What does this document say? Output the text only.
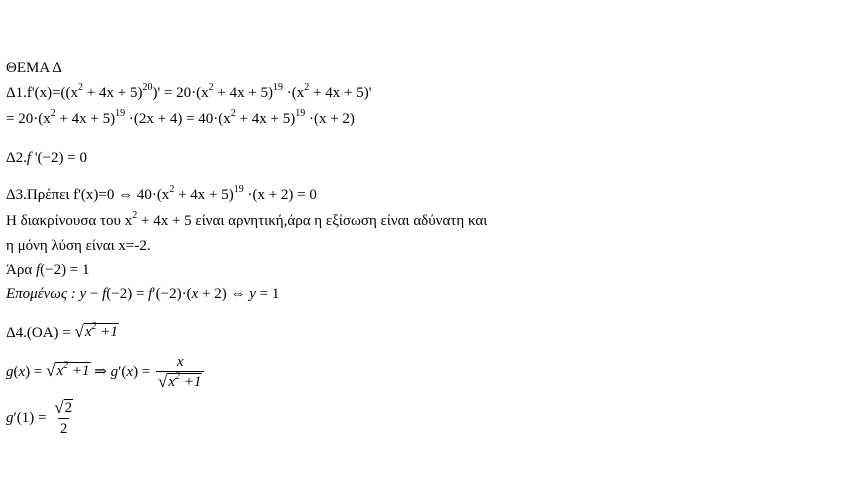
ΘΕΜΑ Δ
$\Delta 1.f'(x)=((x^2 + 4x + 5)^{20})' = 20\cdot(x^2 + 4x + 5)^{19} \cdot(x^2 + 4x + 5)'$
= $20\cdot(x^2 + 4x + 5)^{19} \cdot(2x + 4) = 40\cdot(x^2 + 4x + 5)^{19} \cdot(x + 2)$
Δ2.f '(−2) = 0
Δ3.Πρέπει f'(x)=0 ⇔ $40\cdot(x^2 + 4x + 5)^{19} \cdot(x + 2) = 0$
Η διακρίνουσα του $x^2 + 4x + 5$ είναι αρνητική,άρα η εξίσωση είναι αδύνατη και
η μόνη λύση είναι x=-2.
Άρα f(−2) = 1
Eπομένως : y − f(−2) = f′(−2)·(x + 2) ⇔ y = 1
Δ4.(OA) = √ $x^2 +1$
g(x) = √ $x^2 +1$ ⇒ $g'(x) = \frac{x}{√ x^2 +1}$
$g'(1) = \frac{√ 2}{2}$
